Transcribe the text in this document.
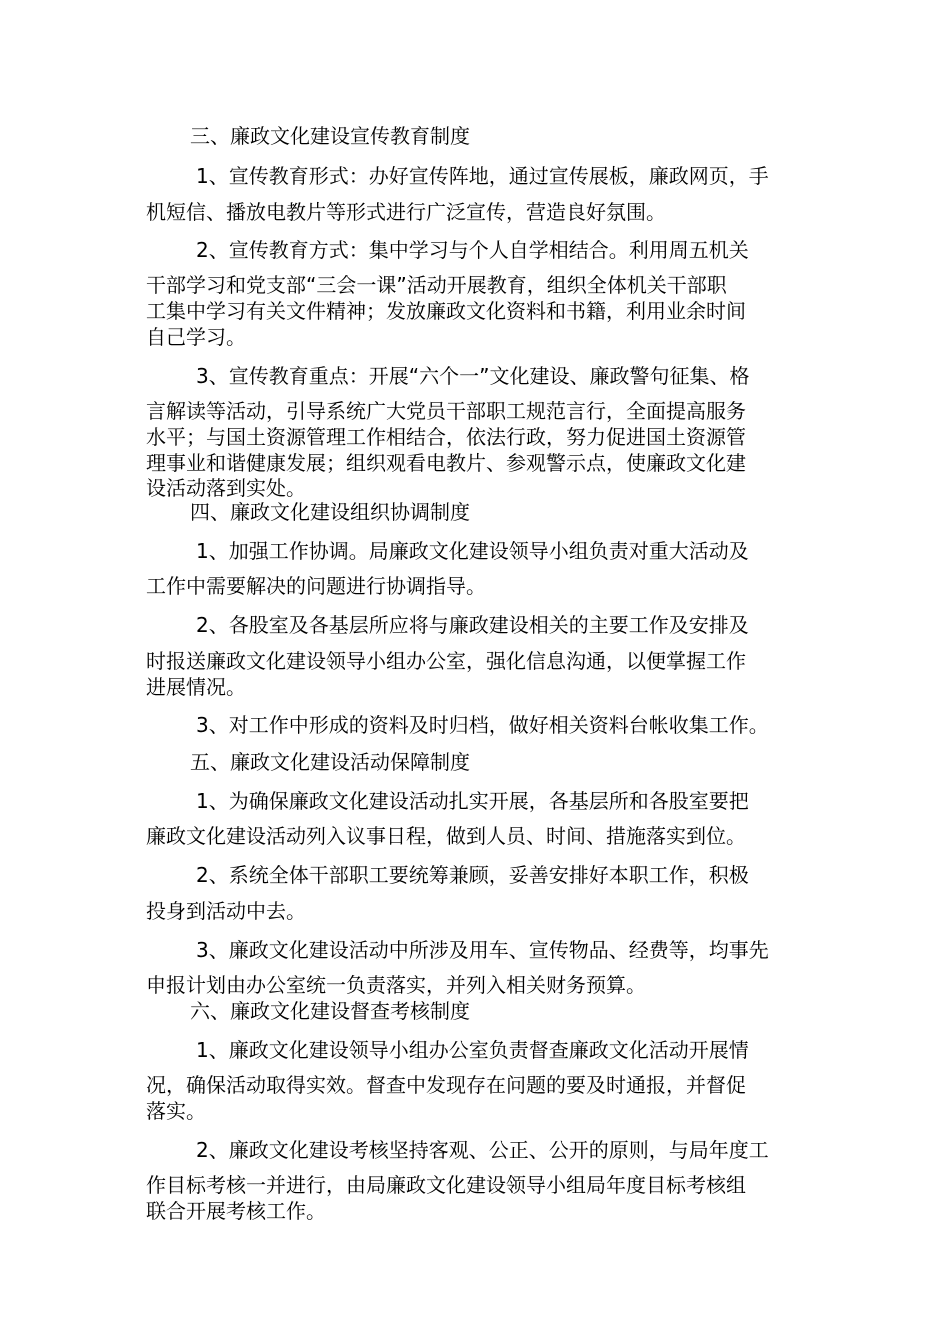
三、廉政文化建设宣传教育制度

1、宣传教育形式：办好宣传阵地，通过宣传展板，廉政网页，手

机短信、播放电教片等形式进行广泛宣传，营造良好氛围。

2、宣传教育方式：集中学习与个人自学相结合。利用周五机关

干部学习和党支部“三会一课”活动开展教育，组织全体机关干部职

工集中学习有关文件精神；发放廉政文化资料和书籍，利用业余时间

自己学习。

3、宣传教育重点：开展“六个一”文化建设、廉政警句征集、格

言解读等活动，引导系统广大党员干部职工规范言行，全面提高服务

水平；与国土资源管理工作相结合，依法行政，努力促进国土资源管

理事业和谐健康发展；组织观看电教片、参观警示点，使廉政文化建

设活动落到实处。

四、廉政文化建设组织协调制度

1、加强工作协调。局廉政文化建设领导小组负责对重大活动及

工作中需要解决的问题进行协调指导。

2、各股室及各基层所应将与廉政建设相关的主要工作及安排及

时报送廉政文化建设领导小组办公室，强化信息沟通，以便掌握工作

进展情况。

3、对工作中形成的资料及时归档，做好相关资料台帐收集工作。

五、廉政文化建设活动保障制度

1、为确保廉政文化建设活动扎实开展，各基层所和各股室要把

廉政文化建设活动列入议事日程，做到人员、时间、措施落实到位。

2、系统全体干部职工要统筹兼顾，妥善安排好本职工作，积极

投身到活动中去。

3、廉政文化建设活动中所涉及用车、宣传物品、经费等，均事先

申报计划由办公室统一负责落实，并列入相关财务预算。

六、廉政文化建设督查考核制度

1、廉政文化建设领导小组办公室负责督查廉政文化活动开展情

况，确保活动取得实效。督查中发现存在问题的要及时通报，并督促

落实。

2、廉政文化建设考核坚持客观、公正、公开的原则，与局年度工

作目标考核一并进行，由局廉政文化建设领导小组局年度目标考核组

联合开展考核工作。
